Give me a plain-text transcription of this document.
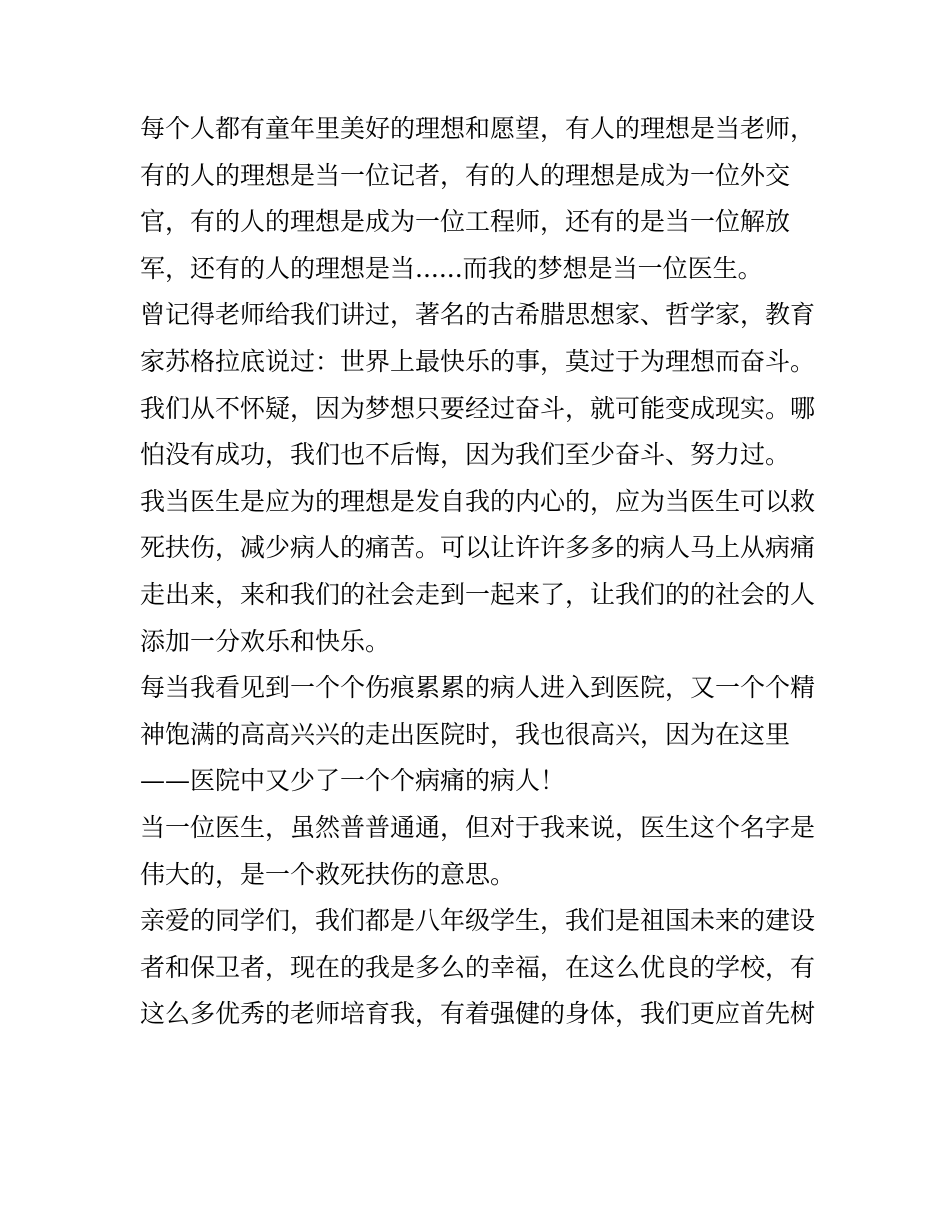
每个人都有童年里美好的理想和愿望，有人的理想是当老师，
有的人的理想是当一位记者，有的人的理想是成为一位外交
官，有的人的理想是成为一位工程师，还有的是当一位解放
军，还有的人的理想是当......而我的梦想是当一位医生。
曾记得老师给我们讲过，著名的古希腊思想家、哲学家，教育
家苏格拉底说过：世界上最快乐的事，莫过于为理想而奋斗。
我们从不怀疑，因为梦想只要经过奋斗，就可能变成现实。哪
怕没有成功，我们也不后悔，因为我们至少奋斗、努力过。
我当医生是应为的理想是发自我的内心的，应为当医生可以救
死扶伤，减少病人的痛苦。可以让许许多多的病人马上从病痛
走出来，来和我们的社会走到一起来了，让我们的的社会的人
添加一分欢乐和快乐。
每当我看见到一个个伤痕累累的病人进入到医院，又一个个精
神饱满的高高兴兴的走出医院时，我也很高兴，因为在这里
——医院中又少了一个个病痛的病人！
当一位医生，虽然普普通通，但对于我来说，医生这个名字是
伟大的，是一个救死扶伤的意思。
亲爱的同学们，我们都是八年级学生，我们是祖国未来的建设
者和保卫者，现在的我是多么的幸福，在这么优良的学校，有
这么多优秀的老师培育我，有着强健的身体，我们更应首先树
